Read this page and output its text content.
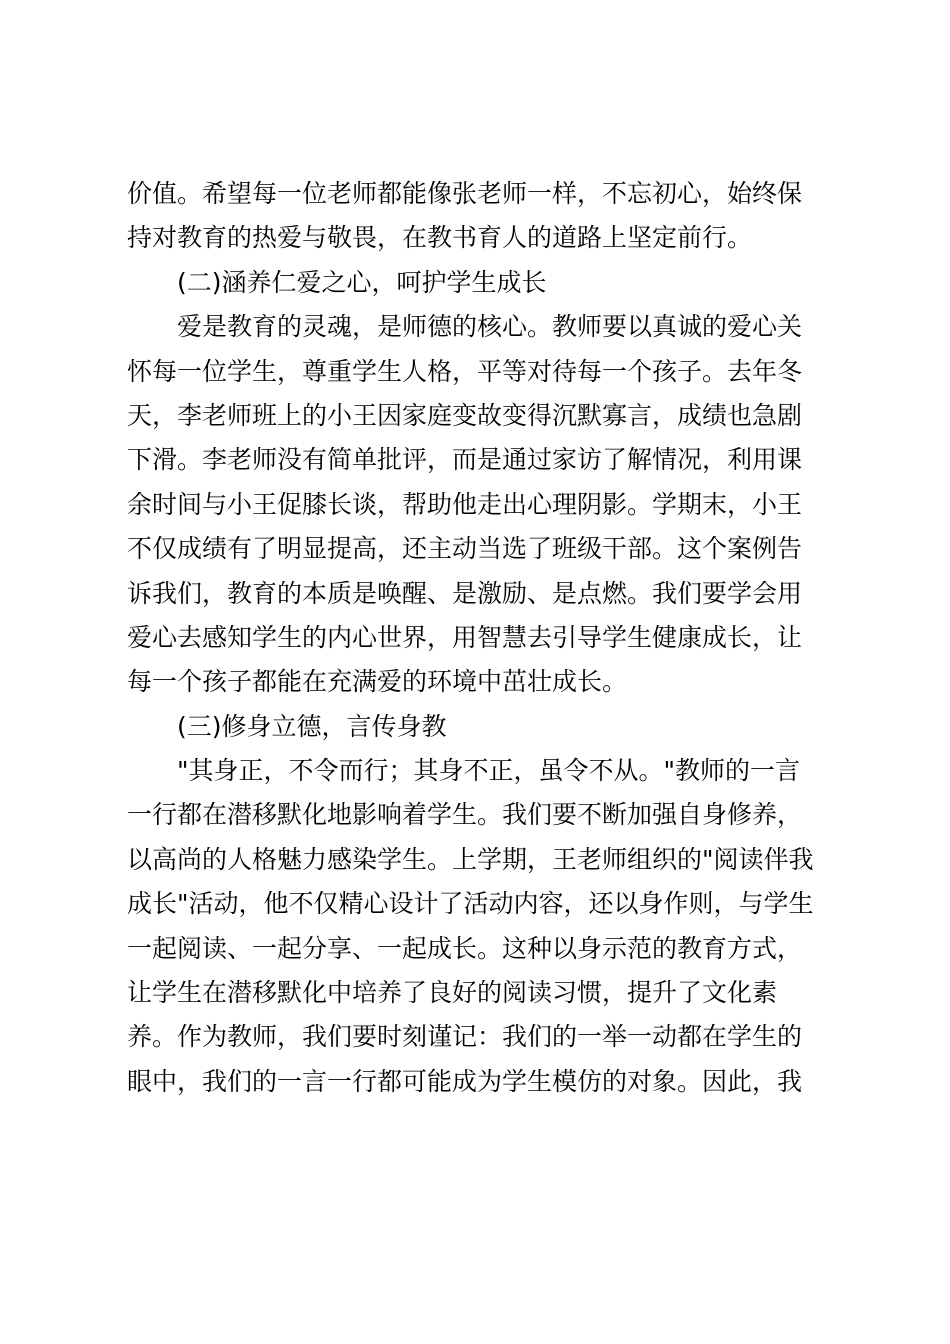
价值。希望每一位老师都能像张老师一样，不忘初心，始终保
持对教育的热爱与敬畏，在教书育人的道路上坚定前行。
(二)涵养仁爱之心，呵护学生成长
爱是教育的灵魂，是师德的核心。教师要以真诚的爱心关
怀每一位学生，尊重学生人格，平等对待每一个孩子。去年冬
天，李老师班上的小王因家庭变故变得沉默寡言，成绩也急剧
下滑。李老师没有简单批评，而是通过家访了解情况，利用课
余时间与小王促膝长谈，帮助他走出心理阴影。学期末，小王
不仅成绩有了明显提高，还主动当选了班级干部。这个案例告
诉我们，教育的本质是唤醒、是激励、是点燃。我们要学会用
爱心去感知学生的内心世界，用智慧去引导学生健康成长，让
每一个孩子都能在充满爱的环境中茁壮成长。
(三)修身立德，言传身教
"其身正，不令而行；其身不正，虽令不从。"教师的一言
一行都在潜移默化地影响着学生。我们要不断加强自身修养，
以高尚的人格魅力感染学生。上学期，王老师组织的"阅读伴我
成长"活动，他不仅精心设计了活动内容，还以身作则，与学生
一起阅读、一起分享、一起成长。这种以身示范的教育方式，
让学生在潜移默化中培养了良好的阅读习惯，提升了文化素
养。作为教师，我们要时刻谨记：我们的一举一动都在学生的
眼中，我们的一言一行都可能成为学生模仿的对象。因此，我
